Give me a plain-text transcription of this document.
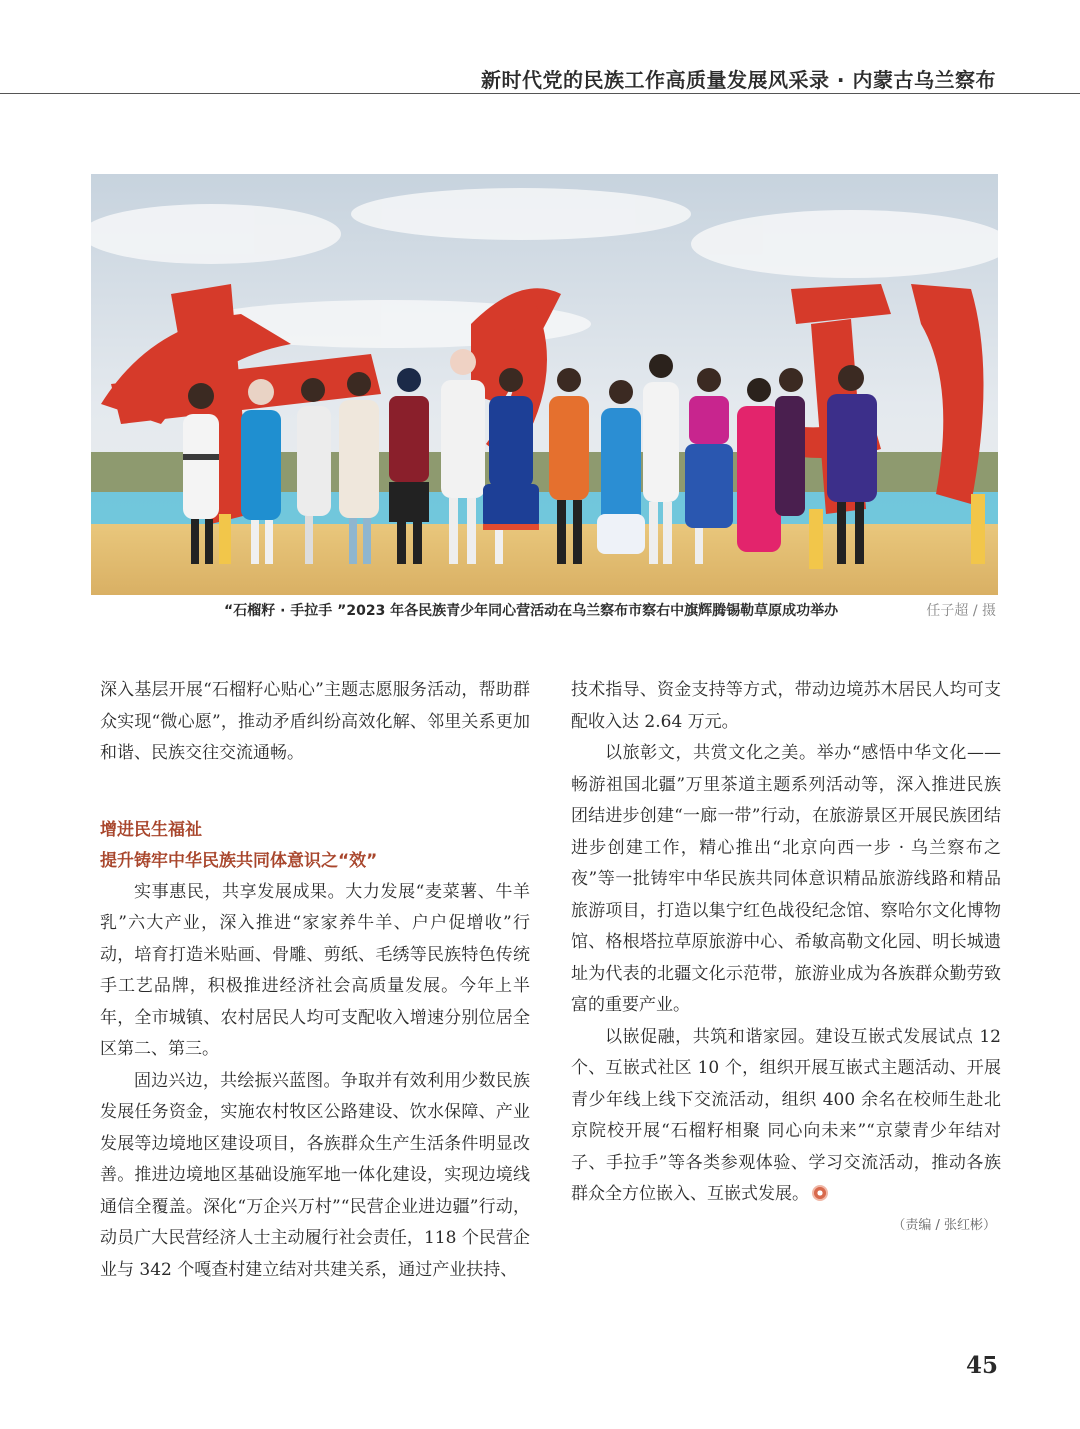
新时代党的民族工作高质量发展风采录 · 内蒙古乌兰察布
“石榴籽 · 手拉手 ”2023 年各民族青少年同心营活动在乌兰察布市察右中旗辉腾锡勒草原成功举办	任子超 / 摄

深入基层开展“石榴籽心贴心”主题志愿服务活动，帮助群众实现“微心愿”，推动矛盾纠纷高效化解、邻里关系更加和谐、民族交往交流通畅。

增进民生福祉
提升铸牢中华民族共同体意识之“效”

实事惠民，共享发展成果。大力发展“麦菜薯、牛羊乳”六大产业，深入推进“家家养牛羊、户户促增收”行动，培育打造米贴画、骨雕、剪纸、毛绣等民族特色传统手工艺品牌，积极推进经济社会高质量发展。今年上半年，全市城镇、农村居民人均可支配收入增速分别位居全区第二、第三。

固边兴边，共绘振兴蓝图。争取并有效利用少数民族发展任务资金，实施农村牧区公路建设、饮水保障、产业发展等边境地区建设项目，各族群众生产生活条件明显改善。推进边境地区基础设施军地一体化建设，实现边境线通信全覆盖。深化“万企兴万村”“民营企业进边疆”行动，动员广大民营经济人士主动履行社会责任，118 个民营企业与 342 个嘎查村建立结对共建关系，通过产业扶持、

技术指导、资金支持等方式，带动边境苏木居民人均可支配收入达 2.64 万元。

以旅彰文，共赏文化之美。举办“感悟中华文化——畅游祖国北疆”万里茶道主题系列活动等，深入推进民族团结进步创建“一廊一带”行动，在旅游景区开展民族团结进步创建工作，精心推出“北京向西一步 · 乌兰察布之夜”等一批铸牢中华民族共同体意识精品旅游线路和精品旅游项目，打造以集宁红色战役纪念馆、察哈尔文化博物馆、格根塔拉草原旅游中心、希敏高勒文化园、明长城遗址为代表的北疆文化示范带，旅游业成为各族群众勤劳致富的重要产业。

以嵌促融，共筑和谐家园。建设互嵌式发展试点 12 个、互嵌式社区 10 个，组织开展互嵌式主题活动、开展青少年线上线下交流活动，组织 400 余名在校师生赴北京院校开展“石榴籽相聚 同心向未来”“京蒙青少年结对子、手拉手”等各类参观体验、学习交流活动，推动各族群众全方位嵌入、互嵌式发展。

（责编 / 张红彬）
45
